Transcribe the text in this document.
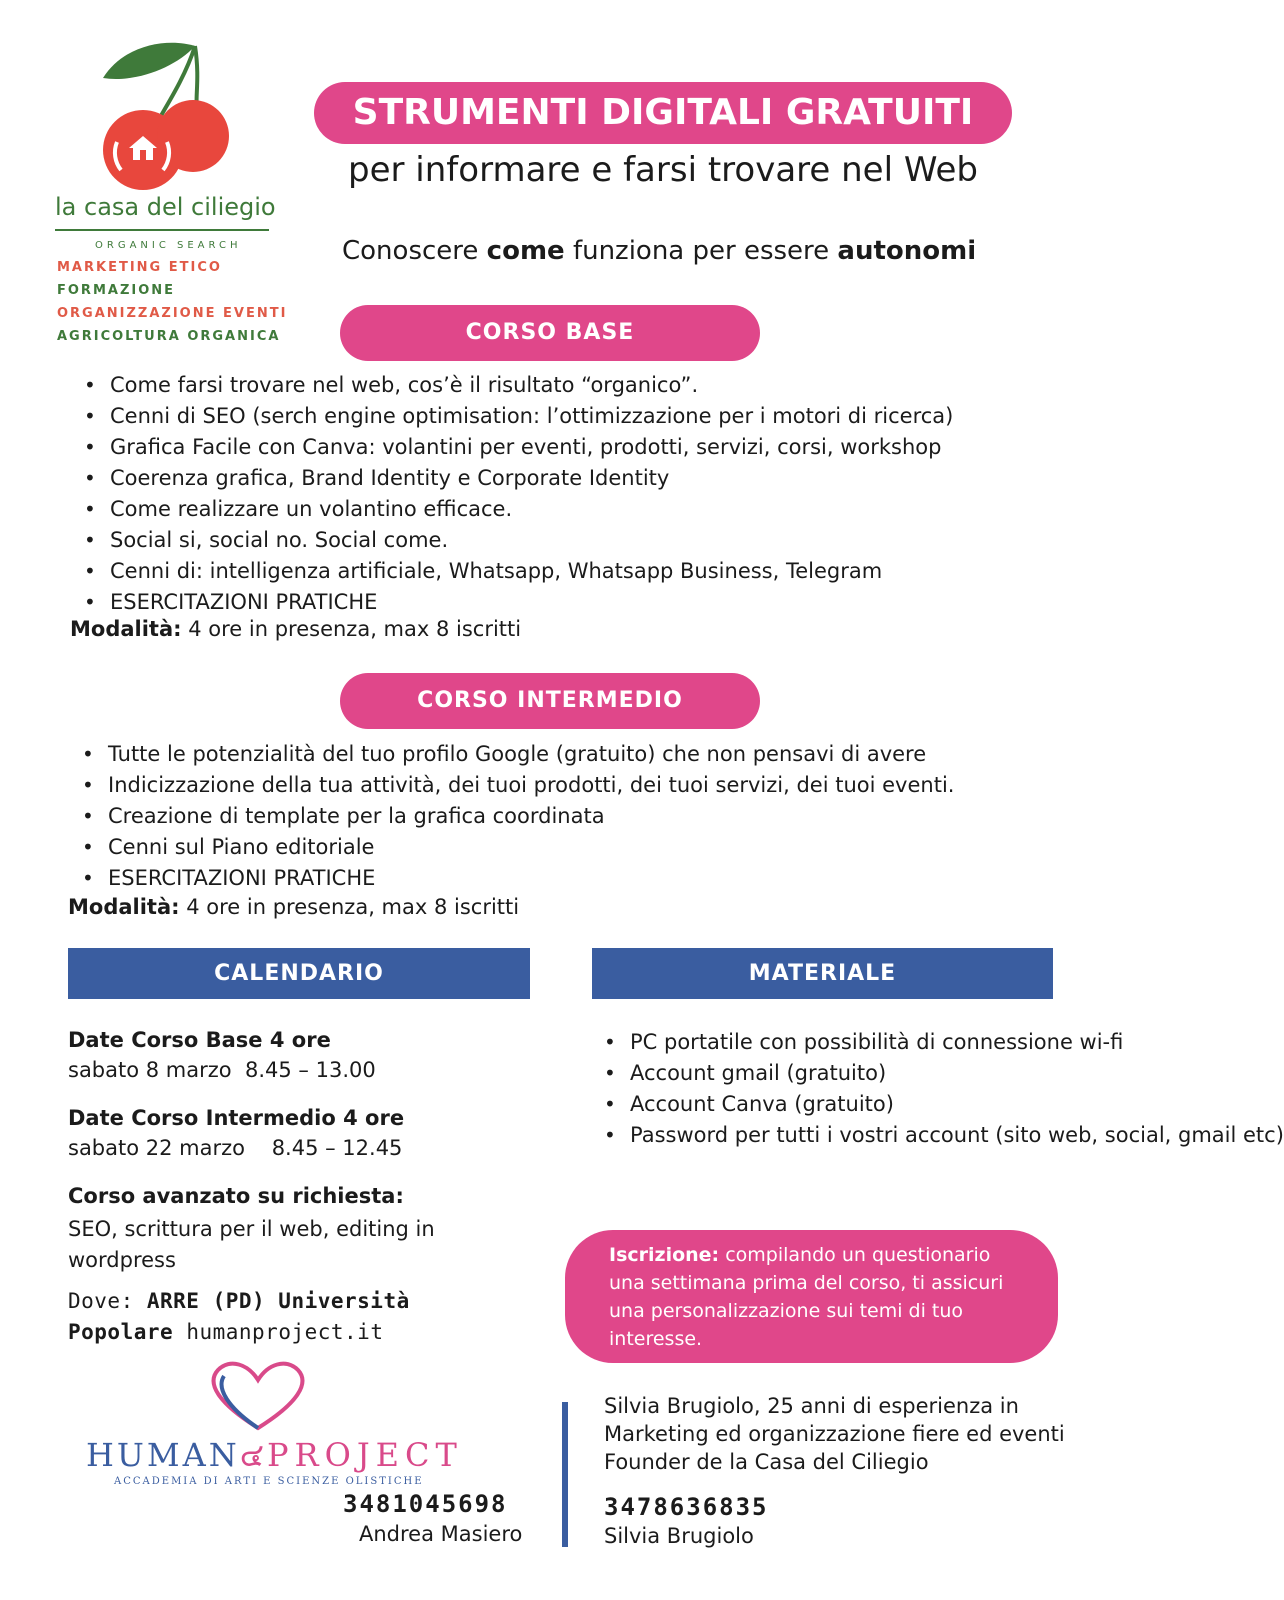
la casa del ciliegio
ORGANIC SEARCH
MARKETING ETICO
FORMAZIONE
ORGANIZZAZIONE EVENTI
AGRICOLTURA ORGANICA
STRUMENTI DIGITALI GRATUITI
per informare e farsi trovare nel Web
Conoscere come funziona per essere autonomi
CORSO BASE
• Come farsi trovare nel web, cos’è il risultato “organico”.
• Cenni di SEO (serch engine optimisation: l’ottimizzazione per i motori di ricerca)
• Grafica Facile con Canva: volantini per eventi, prodotti, servizi, corsi, workshop
• Coerenza grafica, Brand Identity e Corporate Identity
• Come realizzare un volantino efficace.
• Social si, social no. Social come.
• Cenni di: intelligenza artificiale, Whatsapp, Whatsapp Business, Telegram
• ESERCITAZIONI PRATICHE
Modalità: 4 ore in presenza, max 8 iscritti
CORSO INTERMEDIO
• Tutte le potenzialità del tuo profilo Google (gratuito) che non pensavi di avere
• Indicizzazione della tua attività, dei tuoi prodotti, dei tuoi servizi, dei tuoi eventi.
• Creazione di template per la grafica coordinata
• Cenni sul Piano editoriale
• ESERCITAZIONI PRATICHE
Modalità: 4 ore in presenza, max 8 iscritti
CALENDARIO
Date Corso Base 4 ore
sabato 8 marzo  8.45 – 13.00
Date Corso Intermedio 4 ore
sabato 22 marzo    8.45 – 12.45
Corso avanzato su richiesta:
SEO, scrittura per il web, editing in wordpress
Dove: ARRE (PD) Università Popolare humanproject.it
MATERIALE
• PC portatile con possibilità di connessione wi-fi
• Account gmail (gratuito)
• Account Canva (gratuito)
• Password per tutti i vostri account (sito web, social, gmail etc)
Iscrizione: compilando un questionario una settimana prima del corso, ti assicuri una personalizzazione sui temi di tuo interesse.
HUMAN๔PROJECT
ACCADEMIA DI ARTI E SCIENZE OLISTICHE
3481045698
Andrea Masiero
Silvia Brugiolo, 25 anni di esperienza in Marketing ed organizzazione fiere ed eventi Founder de la Casa del Ciliegio
3478636835
Silvia Brugiolo
